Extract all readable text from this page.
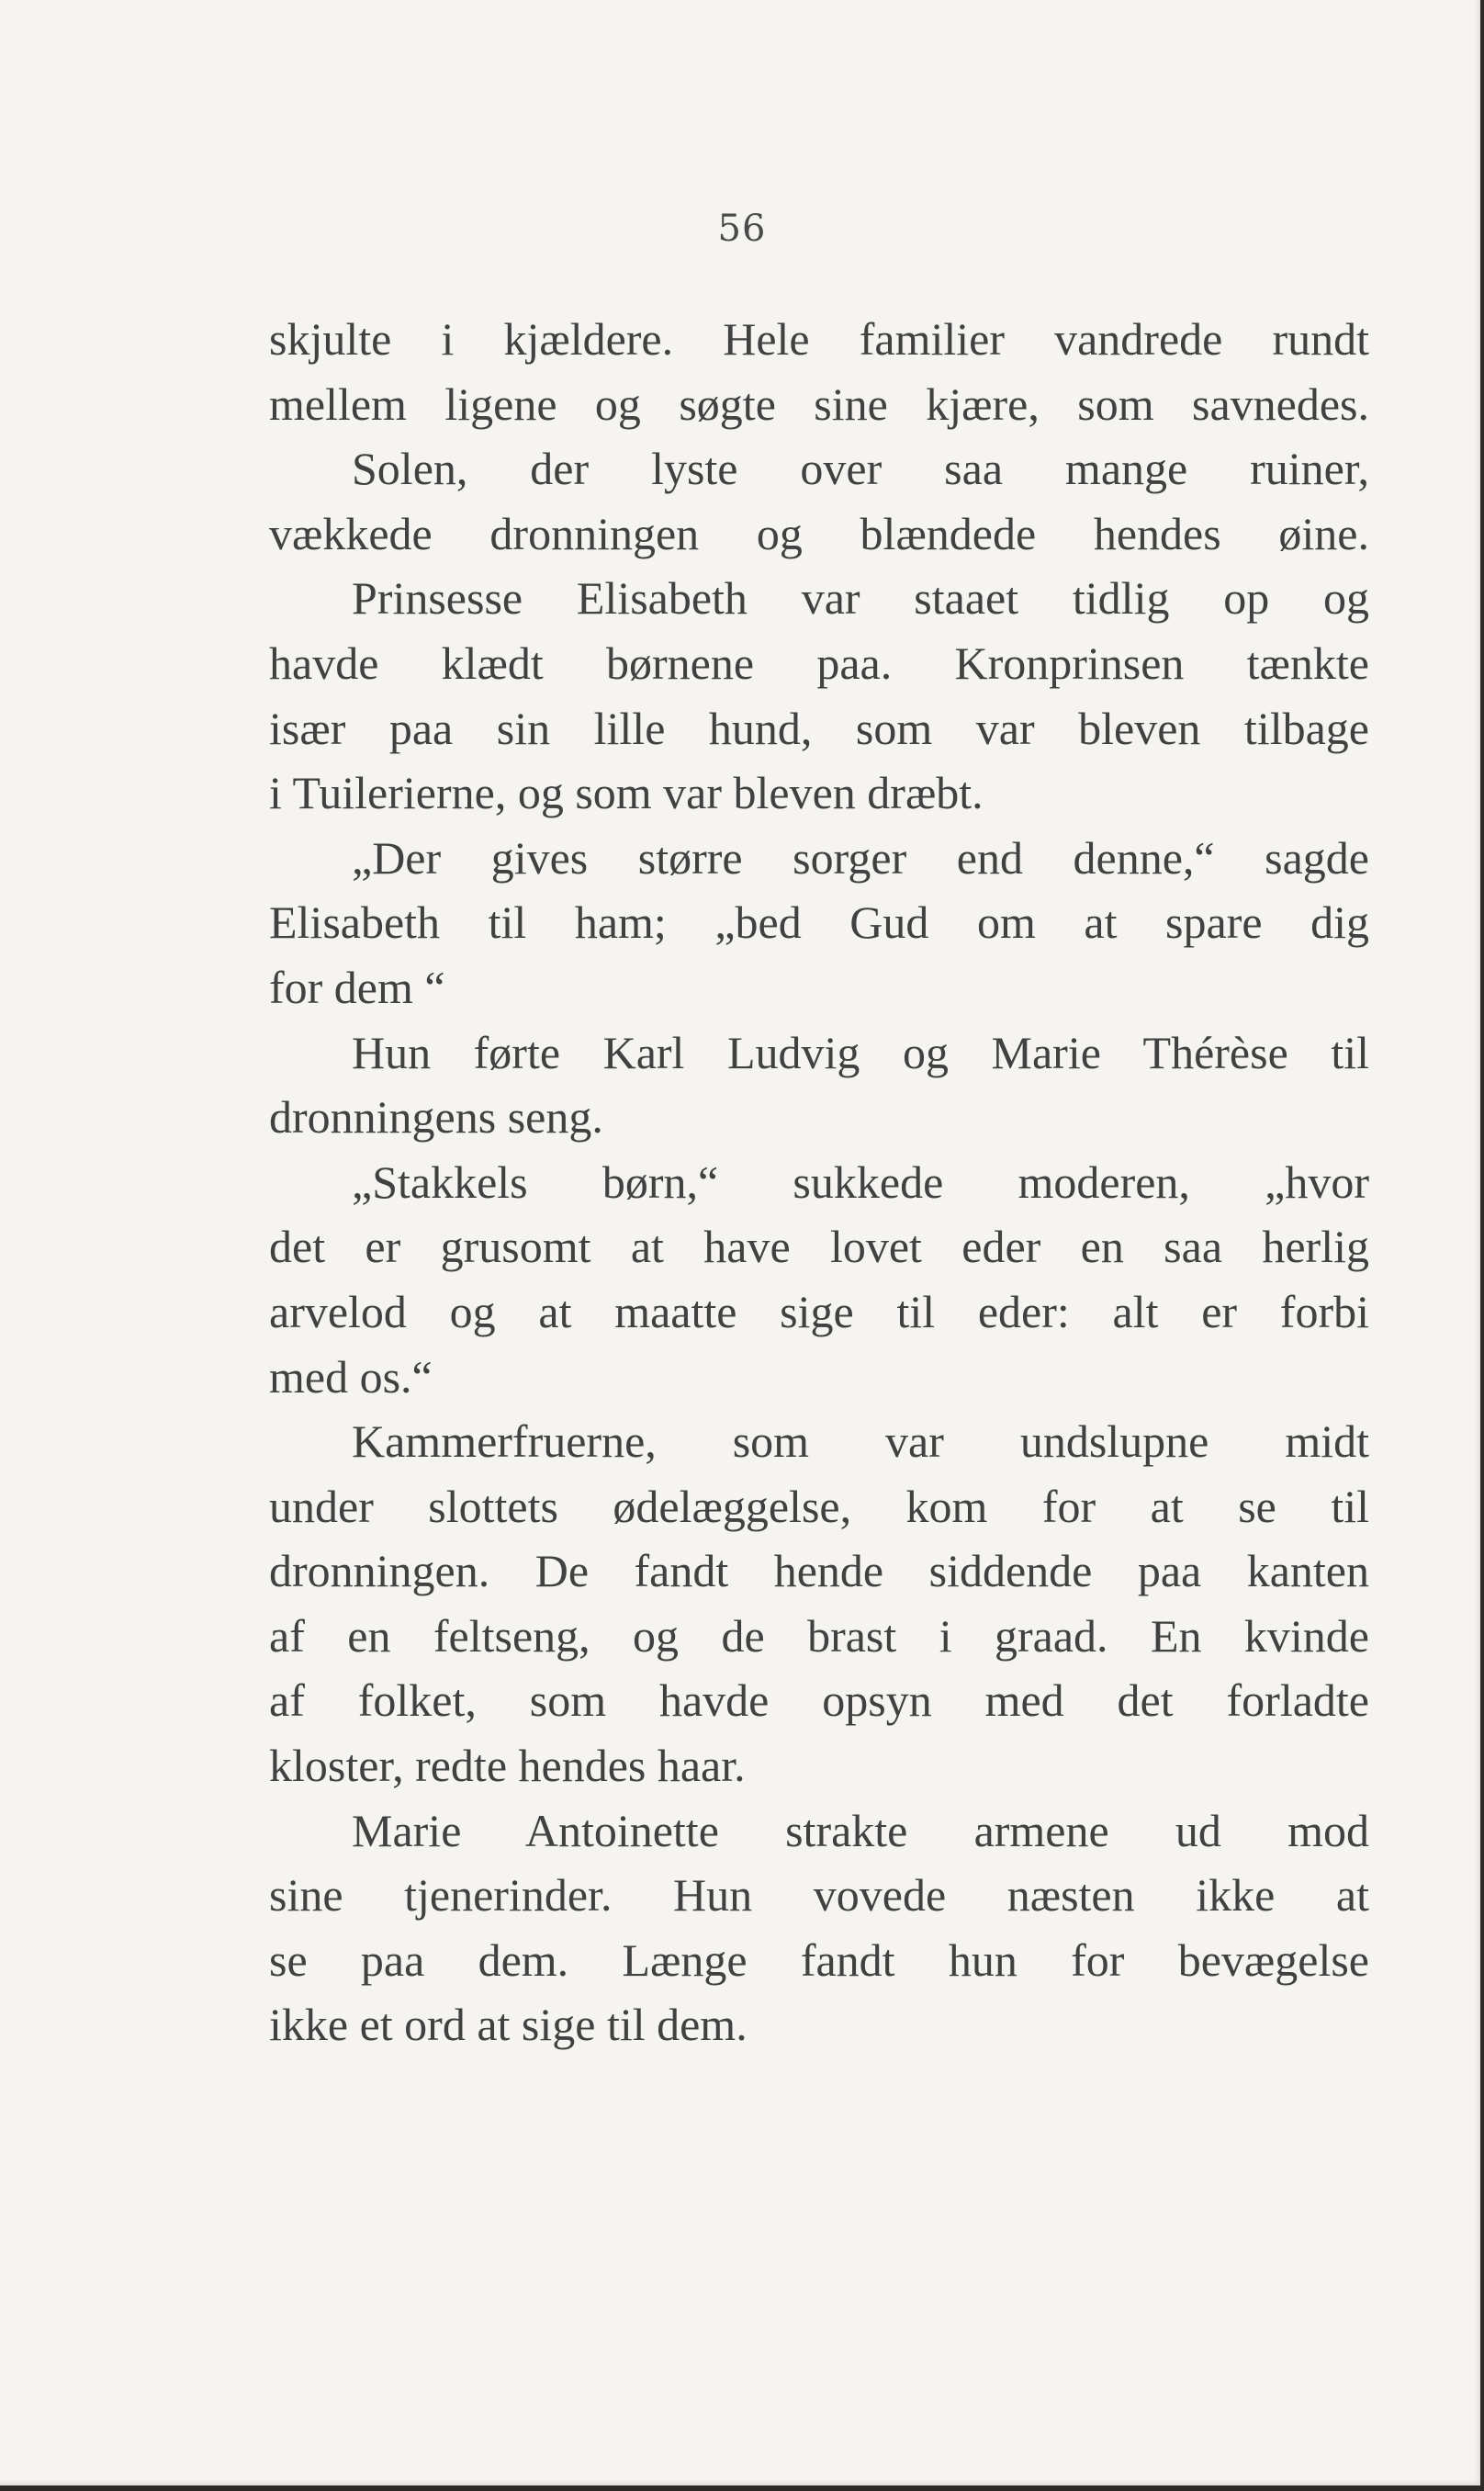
56
skjulte i kjældere. Hele familier vandrede rundt
mellem ligene og søgte sine kjære, som savnedes.
Solen, der lyste over saa mange ruiner,
vækkede dronningen og blændede hendes øine.
Prinsesse Elisabeth var staaet tidlig op og
havde klædt børnene paa. Kronprinsen tænkte
især paa sin lille hund, som var bleven tilbage
i Tuilerierne, og som var bleven dræbt.
„Der gives større sorger end denne,“ sagde
Elisabeth til ham; „bed Gud om at spare dig
for dem “
Hun førte Karl Ludvig og Marie Thérèse til
dronningens seng.
„Stakkels børn,“ sukkede moderen, „hvor
det er grusomt at have lovet eder en saa herlig
arvelod og at maatte sige til eder: alt er forbi
med os.“
Kammerfruerne, som var undslupne midt
under slottets ødelæggelse, kom for at se til
dronningen. De fandt hende siddende paa kanten
af en feltseng, og de brast i graad. En kvinde
af folket, som havde opsyn med det forladte
kloster, redte hendes haar.
Marie Antoinette strakte armene ud mod
sine tjenerinder. Hun vovede næsten ikke at
se paa dem. Længe fandt hun for bevægelse
ikke et ord at sige til dem.
